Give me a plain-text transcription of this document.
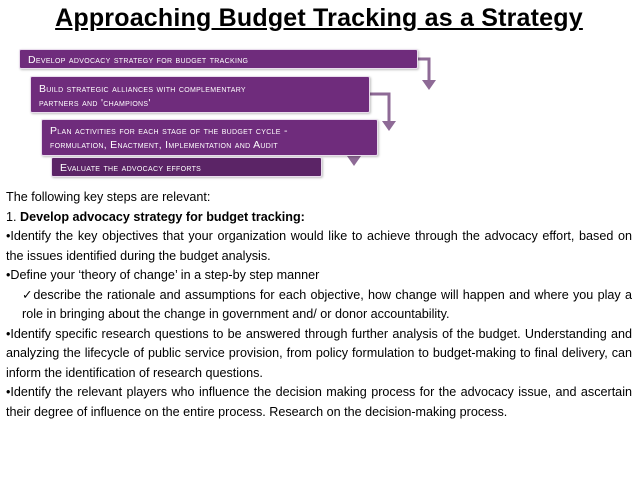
Approaching Budget Tracking as a Strategy
Develop advocacy strategy for budget tracking
Build strategic alliances with complementary
partners and 'champions'
Plan activities for each stage of the budget cycle -
formulation, Enactment, Implementation and Audit
Evaluate the advocacy efforts

The following key steps are relevant:

1. Develop advocacy strategy for budget tracking:

•Identify the key objectives that your organization would like to achieve through the advocacy effort, based on the issues identified during the budget analysis.

•Define your ‘theory of change’ in a step-by step manner

✓describe the rationale and assumptions for each objective, how change will happen and where you play a role in bringing about the change in government and/ or donor accountability.

•Identify specific research questions to be answered through further analysis of the budget. Understanding and analyzing the lifecycle of public service provision, from policy formulation to budget-making to final delivery, can inform the identification of research questions.

•Identify the relevant players who influence the decision making process for the advocacy issue, and ascertain their degree of influence on the entire process. Research on the decision-making process.
